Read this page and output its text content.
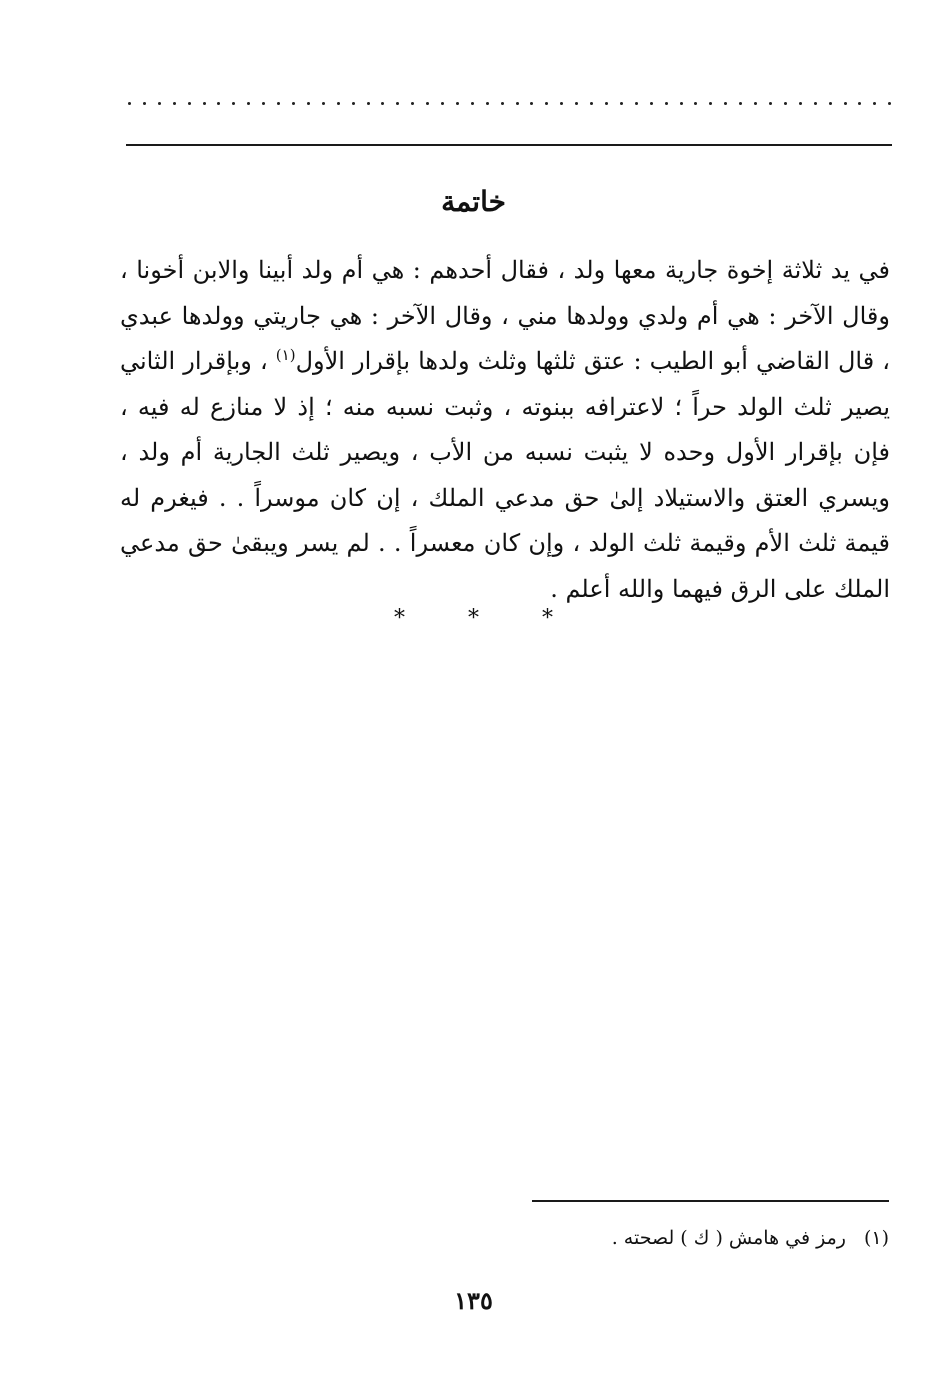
خاتمة

في يد ثلاثة إخوة جارية معها ولد ، فقال أحدهم : هي أم ولد أبينا والابن أخونا ، وقال الآخر : هي أم ولدي وولدها مني ، وقال الآخر : هي جاريتي وولدها عبدي ، قال القاضي أبو الطيب : عتق ثلثها وثلث ولدها بإقرار الأول$^{(١)}$ ، وبإقرار الثاني يصير ثلث الولد حراً ؛ لاعترافه ببنوته ، وثبت نسبه منه ؛ إذ لا منازع له فيه ، فإن بإقرار الأول وحده لا يثبت نسبه من الأب ، ويصير ثلث الجارية أم ولد ، ويسري العتق والاستيلاد إلىٰ حق مدعي الملك ، إن كان موسراً . . فيغرم له قيمة ثلث الأم وقيمة ثلث الولد ، وإن كان معسراً . . لم يسر ويبقىٰ حق مدعي الملك على الرق فيهما والله أعلم .

* * *
(١)رمز في هامش ( ك ) لصحته .
١٣٥
